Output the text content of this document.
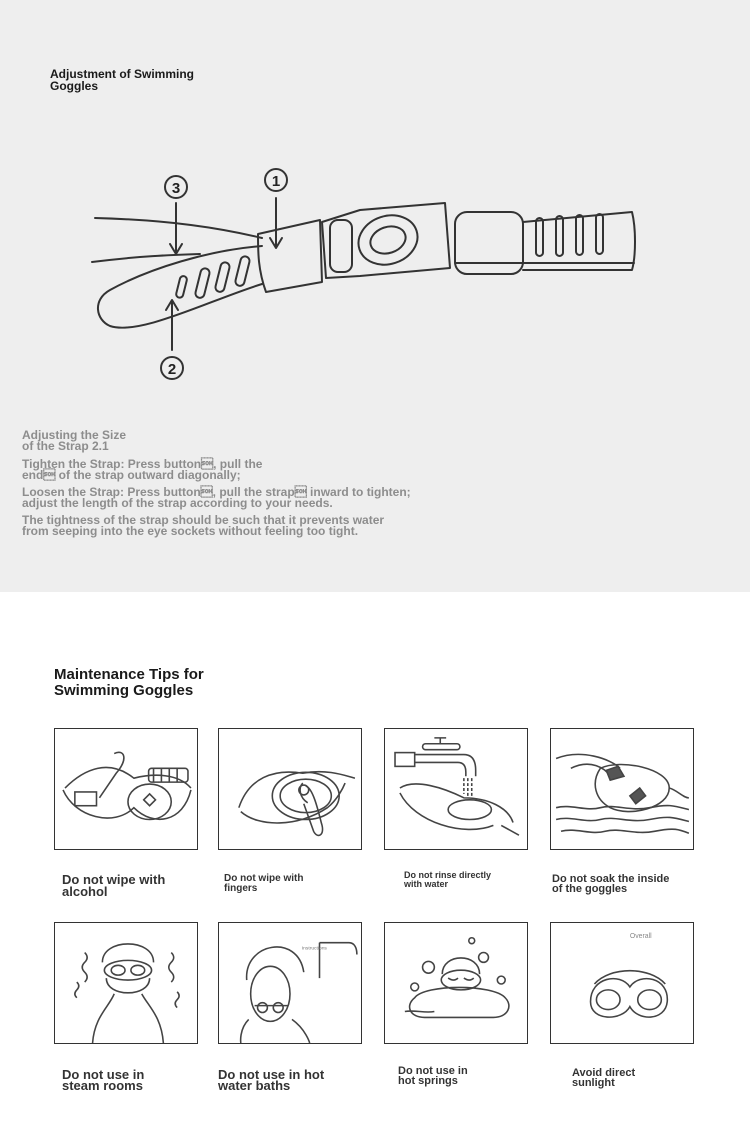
Adjustment of Swimming
Goggles
1
3
2
Adjusting the Size
of the Strap 2.1
Tighten the Strap: Press button, pull the
end of the strap outward diagonally;
Loosen the Strap: Press button, pull the strap inward to tighten;
adjust the length of the strap according to your needs.
The tightness of the strap should be such that it prevents water
from seeping into the eye sockets without feeling too tight.
Maintenance Tips for
Swimming Goggles
Do not wipe with
alcohol
Do not wipe with
fingers
Do not rinse directly
with water	Do not soak the inside
of the goggles
Instructions
Overall
Do not use in
steam rooms
Do not use in hot
water baths
Do not use in
hot springs
Avoid direct
sunlight
